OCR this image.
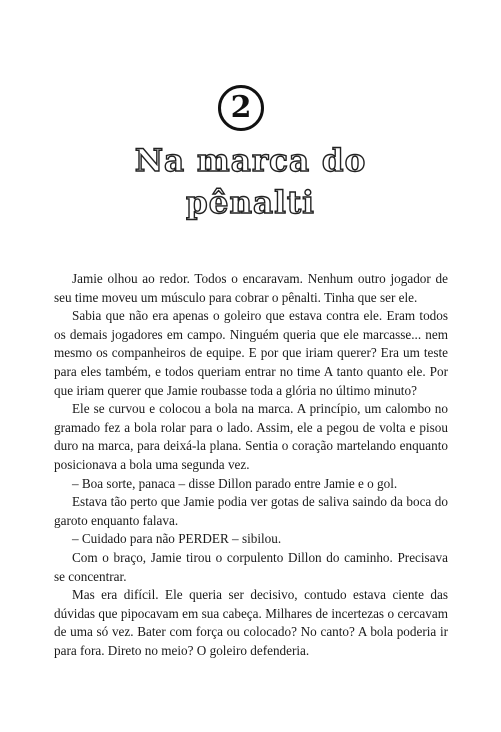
2
Na marca do
pênalti

Jamie olhou ao redor. Todos o encaravam. Nenhum outro jogador de seu time moveu um músculo para cobrar o pênalti. Tinha que ser ele.

Sabia que não era apenas o goleiro que estava contra ele. Eram todos os demais jogadores em campo. Ninguém queria que ele marcasse... nem mesmo os companheiros de equipe. E por que iriam querer? Era um teste para eles também, e todos queriam entrar no time A tanto quanto ele. Por que iriam querer que Jamie roubasse toda a glória no último minuto?

Ele se curvou e colocou a bola na marca. A princípio, um calombo no gramado fez a bola rolar para o lado. Assim, ele a pegou de volta e pisou duro na marca, para deixá-la plana. Sentia o coração martelando enquanto posicionava a bola uma segunda vez.

– Boa sorte, panaca – disse Dillon parado entre Jamie e o gol.

Estava tão perto que Jamie podia ver gotas de saliva saindo da boca do garoto enquanto falava.

– Cuidado para não PERDER – sibilou.

Com o braço, Jamie tirou o corpulento Dillon do caminho. Precisava se concentrar.

Mas era difícil. Ele queria ser decisivo, contudo estava ciente das dúvidas que pipocavam em sua cabeça. Milhares de incertezas o cercavam de uma só vez. Bater com força ou colocado? No canto? A bola poderia ir para fora. Direto no meio? O goleiro defenderia.
